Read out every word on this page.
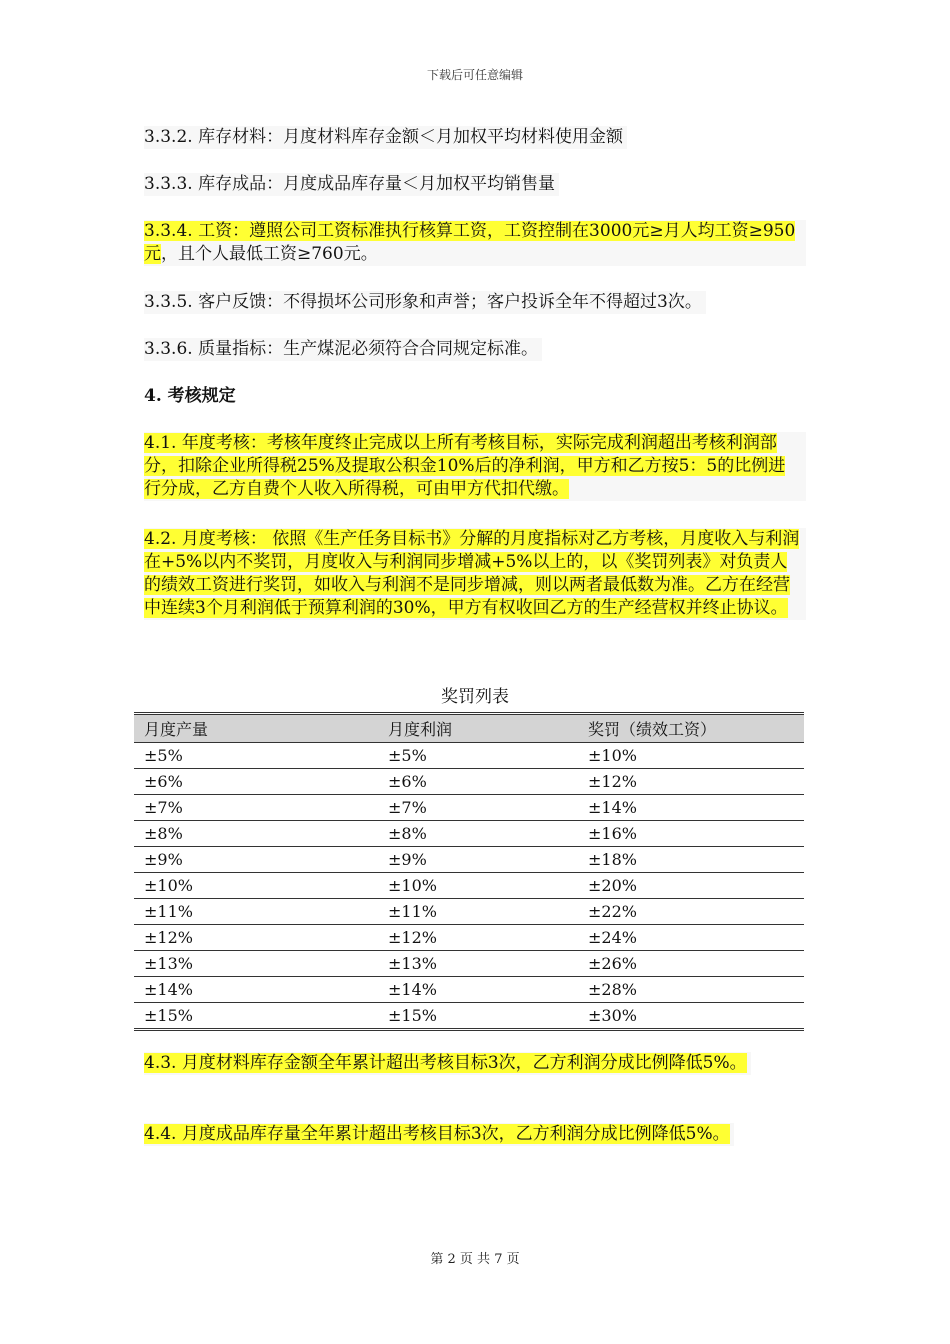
下载后可任意编辑

3.3.2. 库存材料：月度材料库存金额＜月加权平均材料使用金额

3.3.3. 库存成品：月度成品库存量＜月加权平均销售量

3.3.4. 工资：遵照公司工资标准执行核算工资，工资控制在3000元≥月人均工资≥950元，且个人最低工资≥760元。

3.3.5. 客户反馈：不得损坏公司形象和声誉；客户投诉全年不得超过3次。

3.3.6. 质量指标：生产煤泥必须符合合同规定标准。

4. 考核规定

4.1. 年度考核：考核年度终止完成以上所有考核目标，实际完成利润超出考核利润部分，扣除企业所得税25%及提取公积金10%后的净利润，甲方和乙方按5：5的比例进行分成，乙方自费个人收入所得税，可由甲方代扣代缴。

4.2. 月度考核： 依照《生产任务目标书》分解的月度指标对乙方考核，月度收入与利润在+5%以内不奖罚，月度收入与利润同步增减+5%以上的，以《奖罚列表》对负责人的绩效工资进行奖罚，如收入与利润不是同步增减，则以两者最低数为准。乙方在经营中连续3个月利润低于预算利润的30%，甲方有权收回乙方的生产经营权并终止协议。

奖罚列表
月度产量	月度利润	奖罚（绩效工资）
±5%	±5%	±10%
±6%	±6%	±12%
±7%	±7%	±14%
±8%	±8%	±16%
±9%	±9%	±18%
±10%	±10%	±20%
±11%	±11%	±22%
±12%	±12%	±24%
±13%	±13%	±26%
±14%	±14%	±28%
±15%	±15%	±30%

4.3. 月度材料库存金额全年累计超出考核目标3次，乙方利润分成比例降低5%。

4.4. 月度成品库存量全年累计超出考核目标3次，乙方利润分成比例降低5%。

第 2 页 共 7 页
